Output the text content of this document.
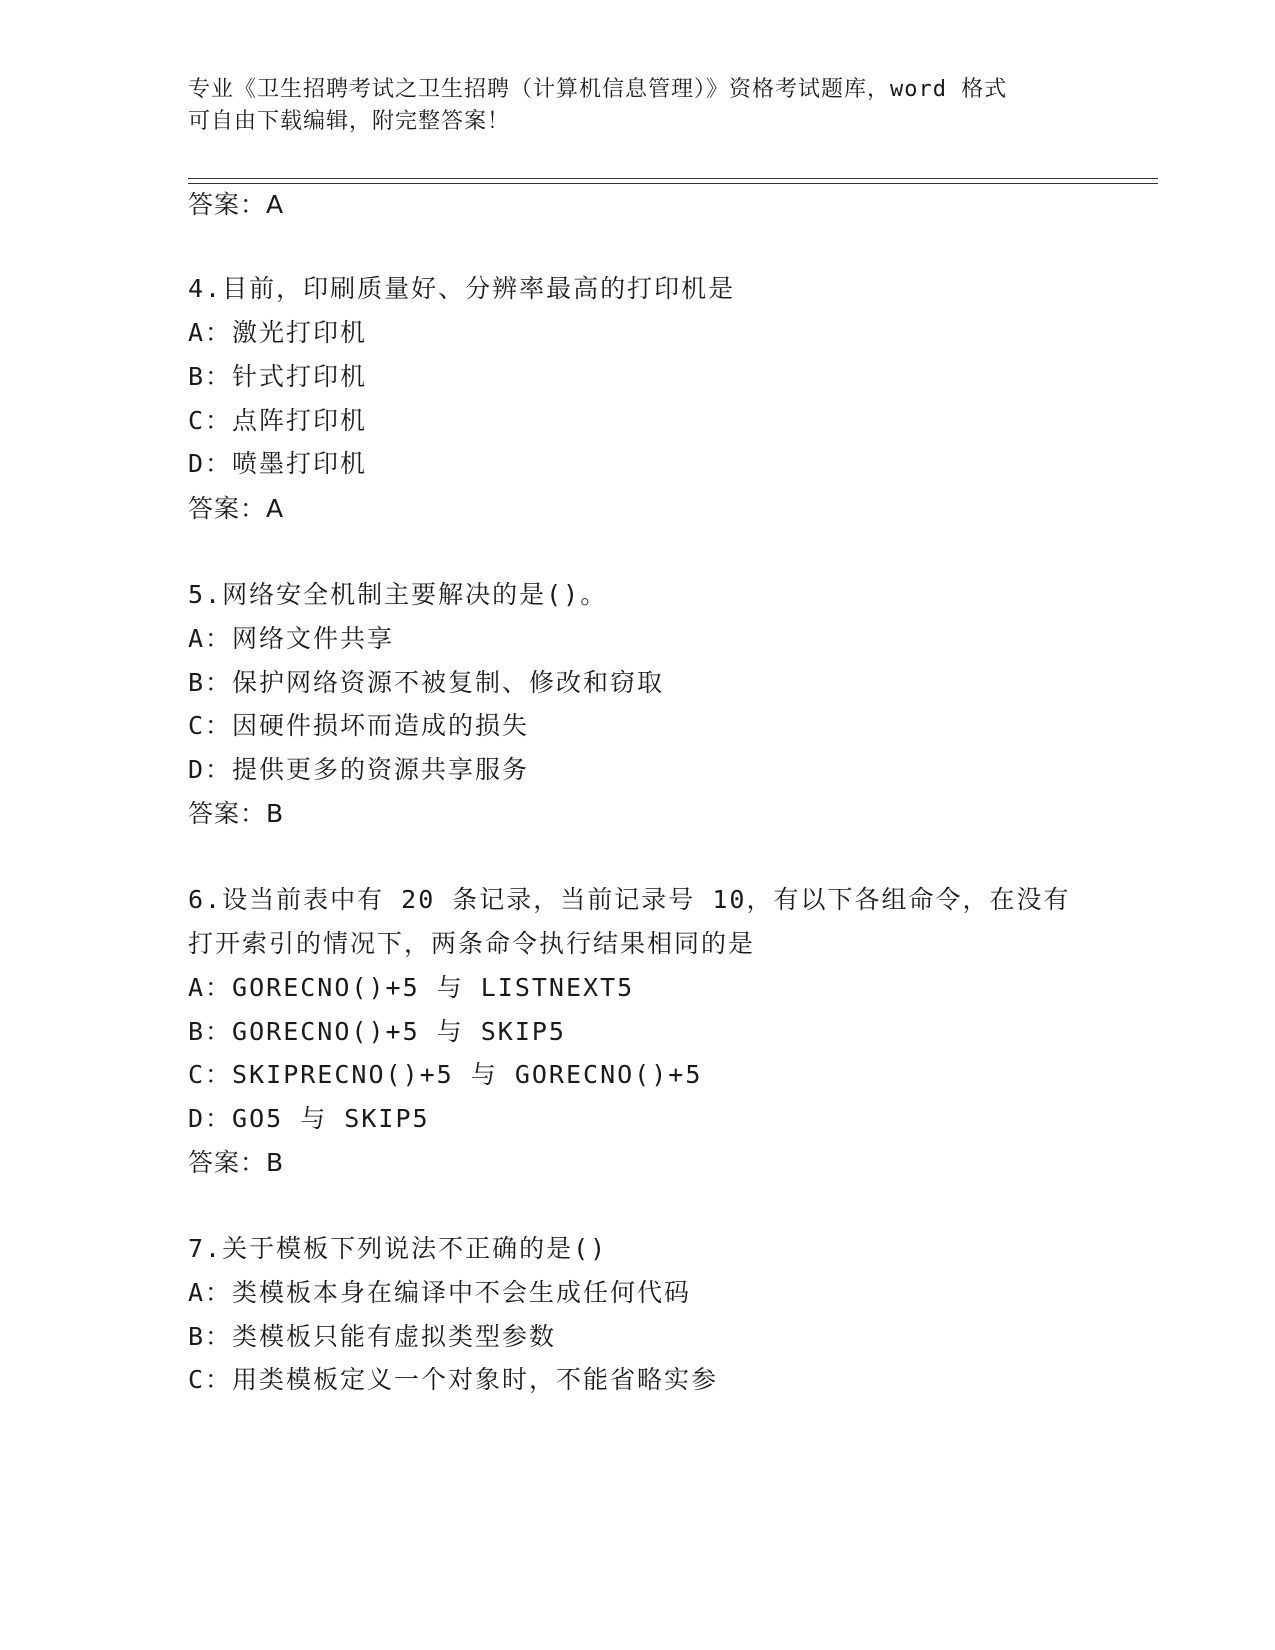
专业《卫生招聘考试之卫生招聘（计算机信息管理）》资格考试题库，word 格式
可自由下载编辑，附完整答案！
答案：A
4.目前，印刷质量好、分辨率最高的打印机是
A：激光打印机
B：针式打印机
C：点阵打印机
D：喷墨打印机
答案：A
5.网络安全机制主要解决的是()。
A：网络文件共享
B：保护网络资源不被复制、修改和窃取
C：因硬件损坏而造成的损失
D：提供更多的资源共享服务
答案：B
6.设当前表中有 20 条记录，当前记录号 10，有以下各组命令，在没有
打开索引的情况下，两条命令执行结果相同的是
A：GORECNO()+5 与 LISTNEXT5
B：GORECNO()+5 与 SKIP5
C：SKIPRECNO()+5 与 GORECNO()+5
D：GO5 与 SKIP5
答案：B
7.关于模板下列说法不正确的是()
A：类模板本身在编译中不会生成任何代码
B：类模板只能有虚拟类型参数
C：用类模板定义一个对象时，不能省略实参
